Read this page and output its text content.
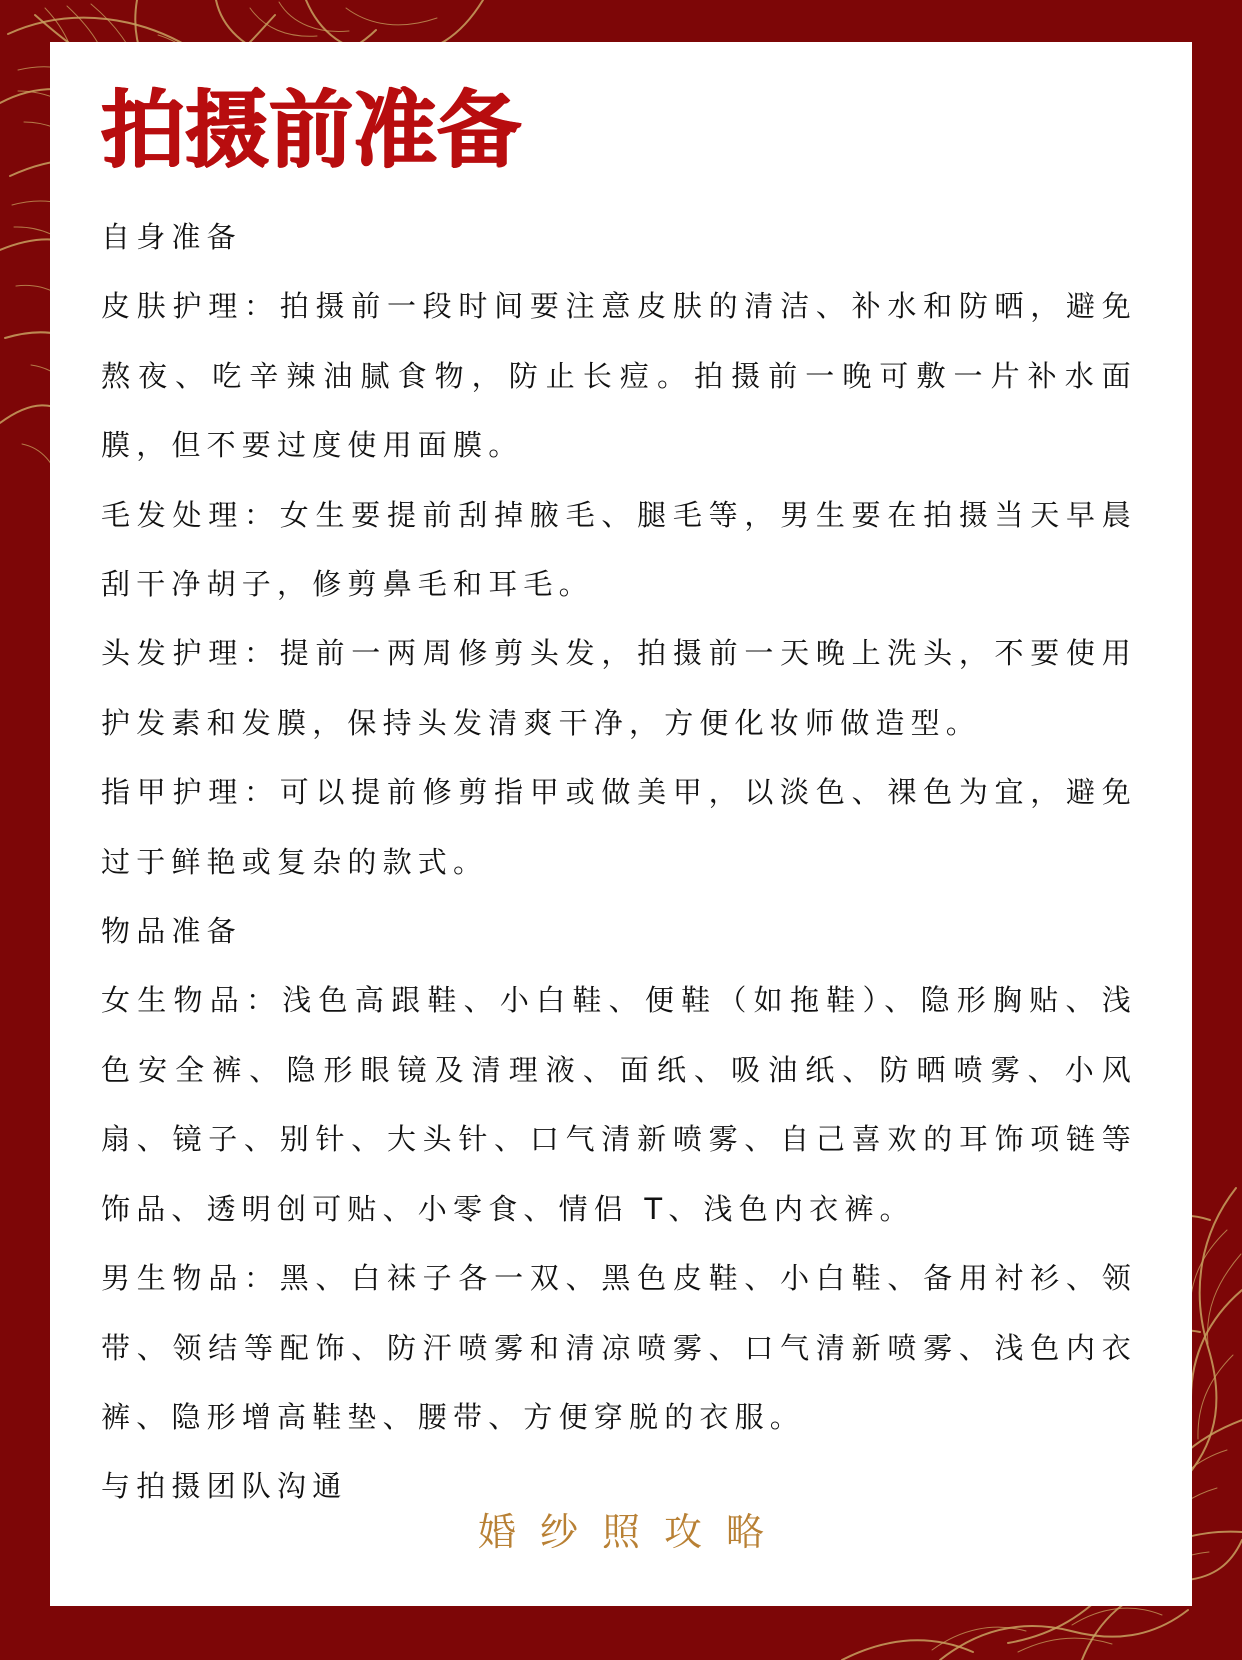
拍摄前准备

自身准备

皮肤护理：拍摄前一段时间要注意皮肤的清洁、补水和防晒，避免熬夜、吃辛辣油腻食物，防止长痘。拍摄前一晚可敷一片补水面膜，但不要过度使用面膜。

毛发处理：女生要提前刮掉腋毛、腿毛等，男生要在拍摄当天早晨刮干净胡子，修剪鼻毛和耳毛。

头发护理：提前一两周修剪头发，拍摄前一天晚上洗头，不要使用护发素和发膜，保持头发清爽干净，方便化妆师做造型。

指甲护理：可以提前修剪指甲或做美甲，以淡色、裸色为宜，避免过于鲜艳或复杂的款式。

物品准备

女生物品：浅色高跟鞋、小白鞋、便鞋（如拖鞋）、隐形胸贴、浅色安全裤、隐形眼镜及清理液、面纸、吸油纸、防晒喷雾、小风扇、镜子、别针、大头针、口气清新喷雾、自己喜欢的耳饰项链等饰品、透明创可贴、小零食、情侣 T、浅色内衣裤。

男生物品：黑、白袜子各一双、黑色皮鞋、小白鞋、备用衬衫、领带、领结等配饰、防汗喷雾和清凉喷雾、口气清新喷雾、浅色内衣裤、隐形增高鞋垫、腰带、方便穿脱的衣服。

与拍摄团队沟通

婚纱照攻略
